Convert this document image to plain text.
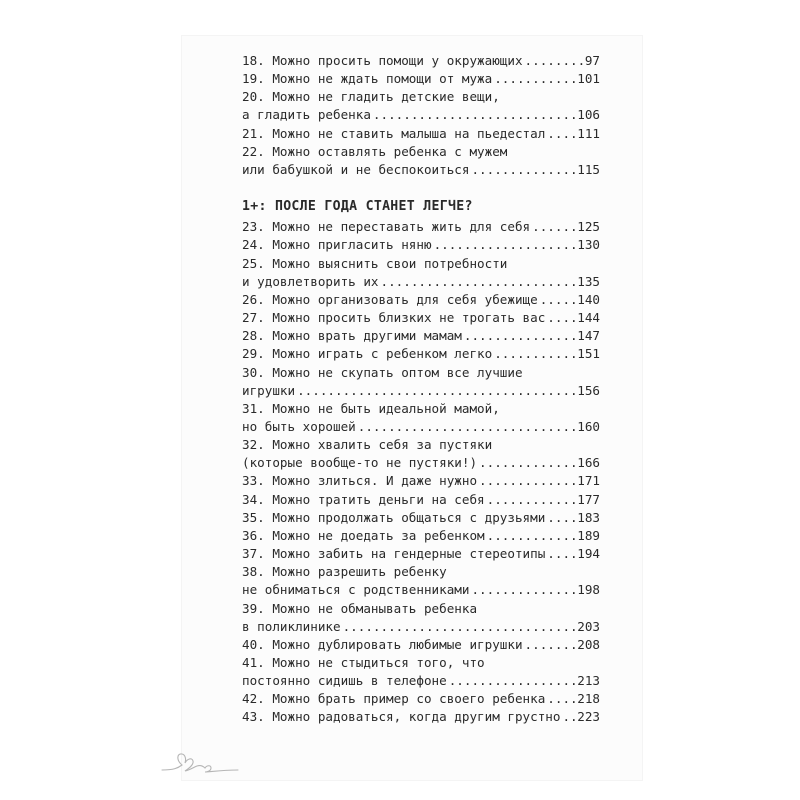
18. Можно просить помощи у окружающих .....	97
19. Можно не ждать помощи от мужа .....	101
20. Можно не гладить детские вещи,
а гладить ребенка .....	106
21. Можно не ставить малыша на пьедестал .....	111
22. Можно оставлять ребенка с мужем
или бабушкой и не беспокоиться .....	115
1+: ПОСЛЕ ГОДА СТАНЕТ ЛЕГЧЕ?
23. Можно не переставать жить для себя .....	125
24. Можно пригласить няню .....	130
25. Можно выяснить свои потребности
и удовлетворить их .....	135
26. Можно организовать для себя убежище .....	140
27. Можно просить близких не трогать вас .....	144
28. Можно врать другими мамам .....	147
29. Можно играть с ребенком легко .....	151
30. Можно не скупать оптом все лучшие
игрушки .....	156
31. Можно не быть идеальной мамой,
но быть хорошей .....	160
32. Можно хвалить себя за пустяки
(которые вообще-то не пустяки!) .....	166
33. Можно злиться. И даже нужно .....	171
34. Можно тратить деньги на себя .....	177
35. Можно продолжать общаться с друзьями .....	183
36. Можно не доедать за ребенком .....	189
37. Можно забить на гендерные стереотипы .....	194
38. Можно разрешить ребенку
не обниматься с родственниками .....	198
39. Можно не обманывать ребенка
в поликлинике .....	203
40. Можно дублировать любимые игрушки .....	208
41. Можно не стыдиться того, что
постоянно сидишь в телефоне .....	213
42. Можно брать пример со своего ребенка .....	218
43. Можно радоваться, когда другим грустно ..... 223
